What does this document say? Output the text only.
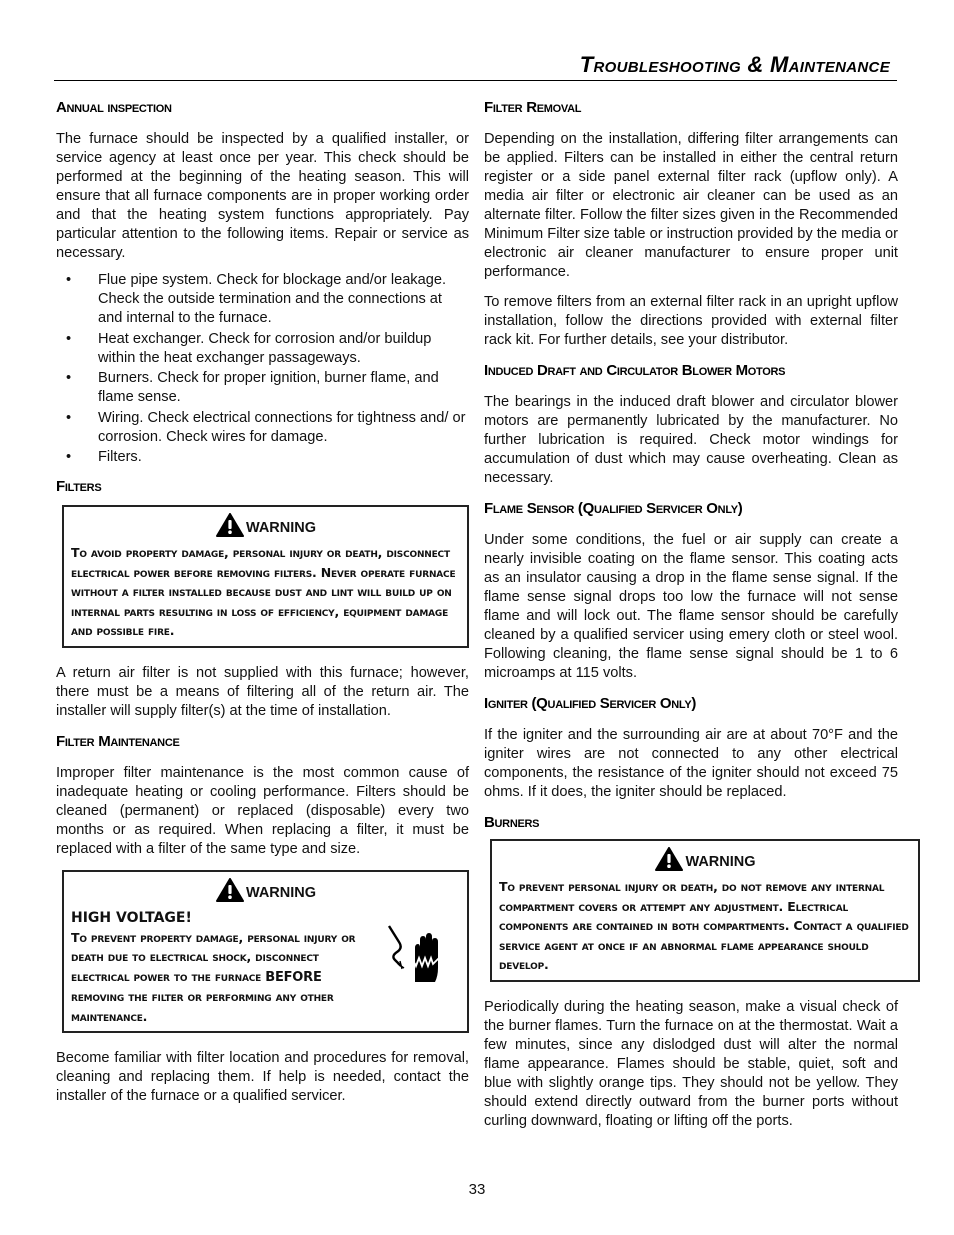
Troubleshooting & Maintenance
Annual inspection

The furnace should be inspected by a qualified installer, or service agency at least once per year. This check should be performed at the beginning of the heating season. This will ensure that all furnace components are in proper working order and that the heating system functions appropriately. Pay particular attention to the following items. Repair or service as necessary.

• Flue pipe system. Check for blockage and/or leakage. Check the outside termination and the connections at and internal to the furnace.
• Heat exchanger. Check for corrosion and/or buildup within the heat exchanger passageways.
• Burners. Check for proper ignition, burner flame, and flame sense.
• Wiring. Check electrical connections for tightness and/ or corrosion. Check wires for damage.
• Filters.
Filters
WARNING
To avoid property damage, personal injury or death, disconnect electrical power before removing filters. Never operate furnace without a filter installed because dust and lint will build up on internal parts resulting in loss of efficiency, equipment damage and possible fire.

A return air filter is not supplied with this furnace; however, there must be a means of filtering all of the return air. The installer will supply filter(s) at the time of installation.

Filter Maintenance

Improper filter maintenance is the most common cause of inadequate heating or cooling performance. Filters should be cleaned (permanent) or replaced (disposable) every two months or as required. When replacing a filter, it must be replaced with a filter of the same type and size.

WARNING
HIGH VOLTAGE!
To prevent property damage, personal injury or death due to electrical shock, disconnect electrical power to the furnace BEFORE removing the filter or performing any other maintenance.

Become familiar with filter location and procedures for removal, cleaning and replacing them. If help is needed, contact the installer of the furnace or a qualified servicer.

Filter Removal

Depending on the installation, differing filter arrangements can be applied. Filters can be installed in either the central return register or a side panel external filter rack (upflow only). A media air filter or electronic air cleaner can be used as an alternate filter. Follow the filter sizes given in the Recommended Minimum Filter size table or instruction provided by the media or electronic air cleaner manufacturer to ensure proper unit performance.

To remove filters from an external filter rack in an upright upflow installation, follow the directions provided with external filter rack kit. For further details, see your distributor.

Induced Draft and Circulator Blower Motors

The bearings in the induced draft blower and circulator blower motors are permanently lubricated by the manufacturer. No further lubrication is required. Check motor windings for accumulation of dust which may cause overheating. Clean as necessary.

Flame Sensor (Qualified Servicer Only)

Under some conditions, the fuel or air supply can create a nearly invisible coating on the flame sensor. This coating acts as an insulator causing a drop in the flame sense signal. If the flame sense signal drops too low the furnace will not sense flame and will lock out. The flame sensor should be carefully cleaned by a qualified servicer using emery cloth or steel wool. Following cleaning, the flame sense signal should be 1 to 6 microamps at 115 volts.

Igniter (Qualified Servicer Only)

If the igniter and the surrounding air are at about 70°F and the igniter wires are not connected to any other electrical components, the resistance of the igniter should not exceed 75 ohms. If it does, the igniter should be replaced.

Burners
WARNING
To prevent personal injury or death, do not remove any internal compartment covers or attempt any adjustment. Electrical components are contained in both compartments. Contact a qualified service agent at once if an abnormal flame appearance should develop.

Periodically during the heating season, make a visual check of the burner flames. Turn the furnace on at the thermostat. Wait a few minutes, since any dislodged dust will alter the normal flame appearance. Flames should be stable, quiet, soft and blue with slightly orange tips. They should not be yellow. They should extend directly outward from the burner ports without curling downward, floating or lifting off the ports.

33
